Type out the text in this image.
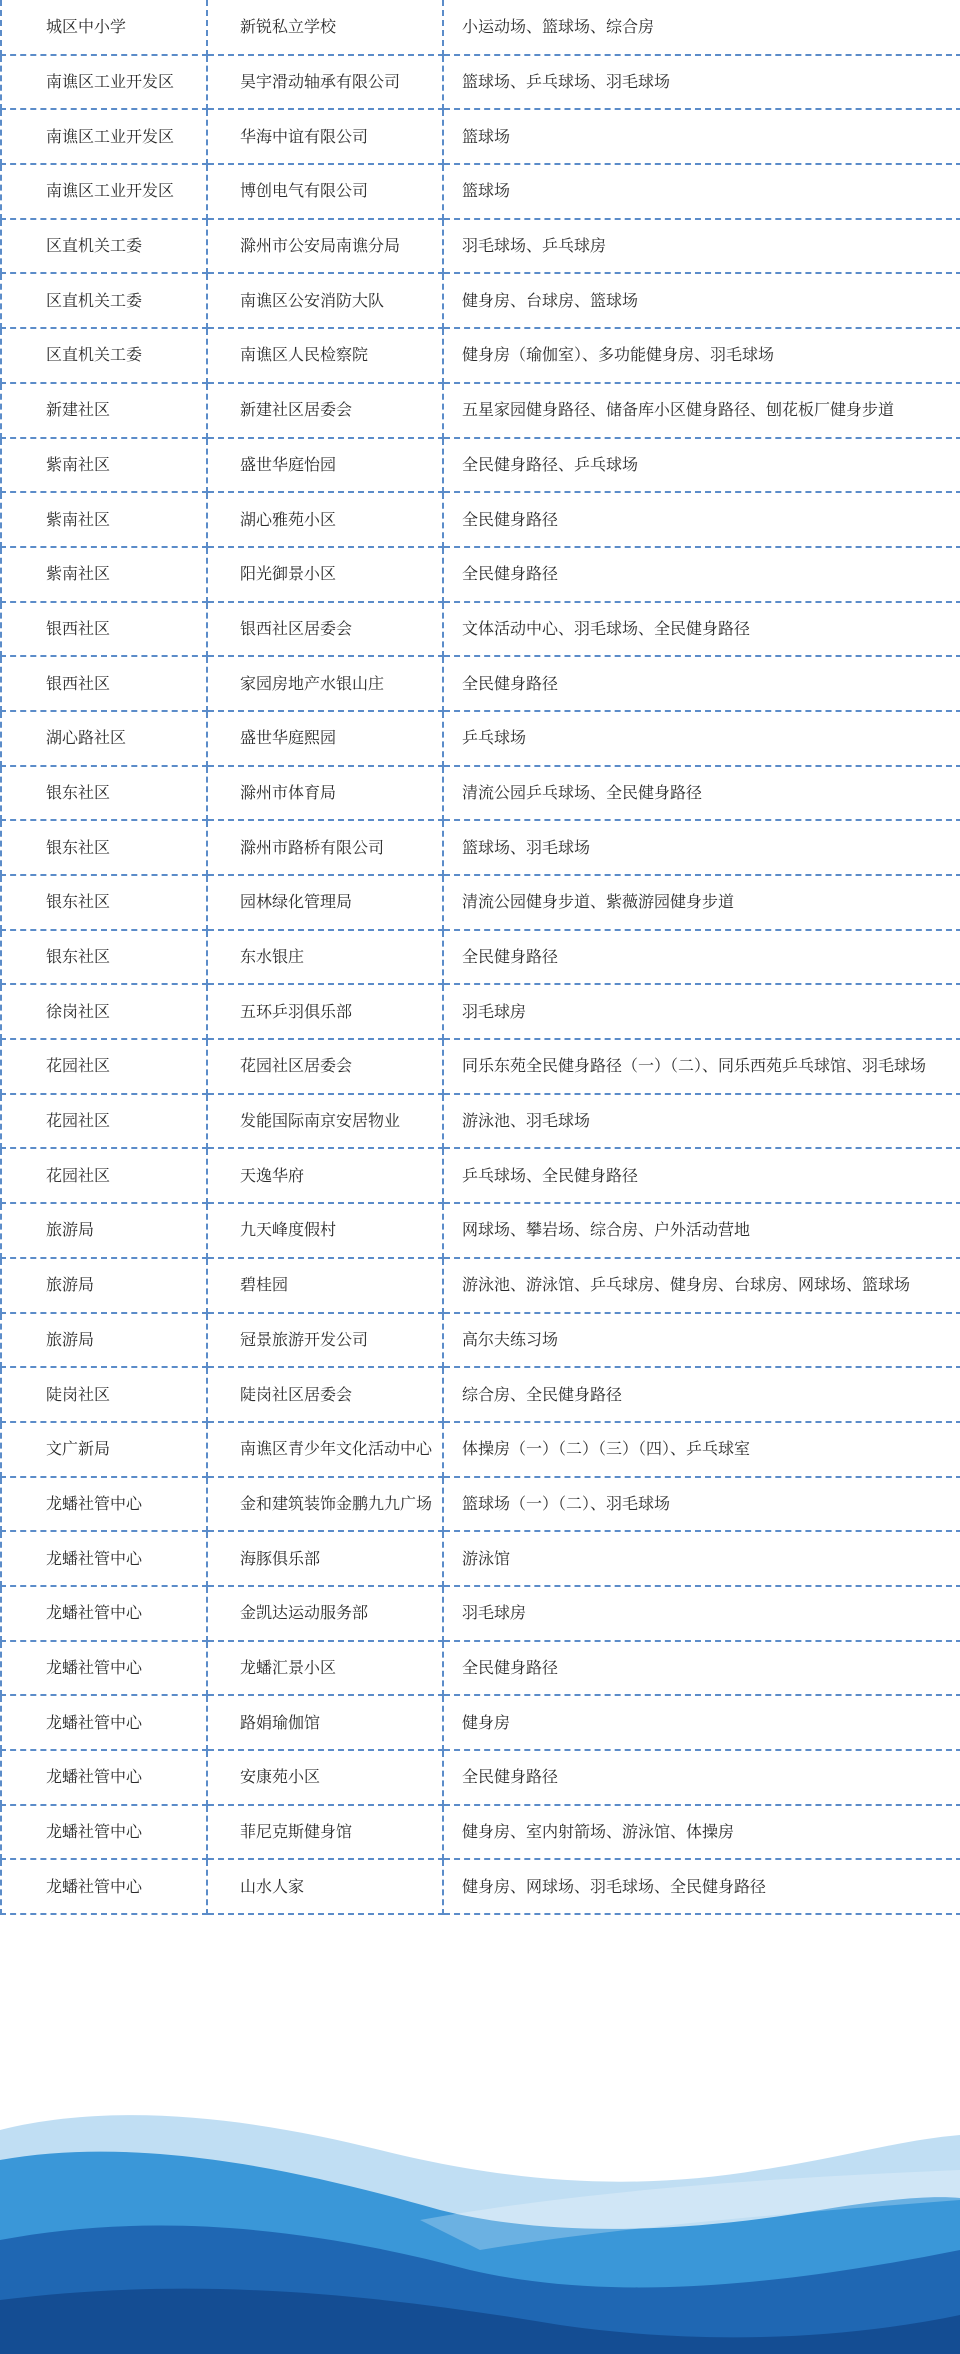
城区中小学	新锐私立学校	小运动场、篮球场、综合房
南谯区工业开发区	昊宇滑动轴承有限公司	篮球场、乒乓球场、羽毛球场
南谯区工业开发区	华海中谊有限公司	篮球场
南谯区工业开发区	博创电气有限公司	篮球场
区直机关工委	滁州市公安局南谯分局	羽毛球场、乒乓球房
区直机关工委	南谯区公安消防大队	健身房、台球房、篮球场
区直机关工委	南谯区人民检察院	健身房（瑜伽室）、多功能健身房、羽毛球场
新建社区	新建社区居委会	五星家园健身路径、储备库小区健身路径、刨花板厂健身步道
紫南社区	盛世华庭怡园	全民健身路径、乒乓球场
紫南社区	湖心雅苑小区	全民健身路径
紫南社区	阳光御景小区	全民健身路径
银西社区	银西社区居委会	文体活动中心、羽毛球场、全民健身路径
银西社区	家园房地产水银山庄	全民健身路径
湖心路社区	盛世华庭熙园	乒乓球场
银东社区	滁州市体育局	清流公园乒乓球场、全民健身路径
银东社区	滁州市路桥有限公司	篮球场、羽毛球场
银东社区	园林绿化管理局	清流公园健身步道、紫薇游园健身步道
银东社区	东水银庄	全民健身路径
徐岗社区	五环乒羽俱乐部	羽毛球房
花园社区	花园社区居委会	同乐东苑全民健身路径（一）（二）、同乐西苑乒乓球馆、羽毛球场
花园社区	发能国际南京安居物业	游泳池、羽毛球场
花园社区	天逸华府	乒乓球场、全民健身路径
旅游局	九天峰度假村	网球场、攀岩场、综合房、户外活动营地
旅游局	碧桂园	游泳池、游泳馆、乒乓球房、健身房、台球房、网球场、篮球场
旅游局	冠景旅游开发公司	高尔夫练习场
陡岗社区	陡岗社区居委会	综合房、全民健身路径
文广新局	南谯区青少年文化活动中心	体操房（一）（二）（三）（四）、乒乓球室
龙蟠社管中心	金和建筑装饰金鹏九九广场	篮球场（一）（二）、羽毛球场
龙蟠社管中心	海豚俱乐部	游泳馆
龙蟠社管中心	金凯达运动服务部	羽毛球房
龙蟠社管中心	龙蟠汇景小区	全民健身路径
龙蟠社管中心	路娟瑜伽馆	健身房
龙蟠社管中心	安康苑小区	全民健身路径
龙蟠社管中心	菲尼克斯健身馆	健身房、室内射箭场、游泳馆、体操房
龙蟠社管中心	山水人家	健身房、网球场、羽毛球场、全民健身路径
